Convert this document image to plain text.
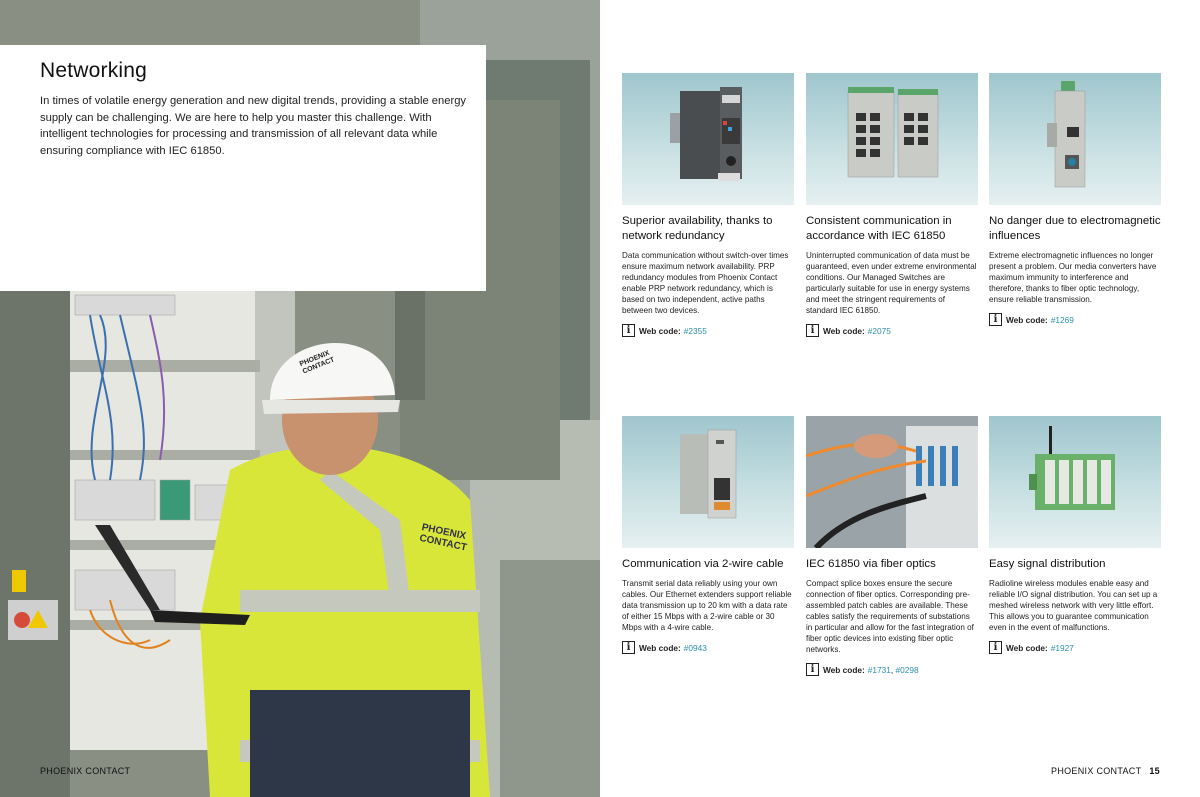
PHOENIX CONTACT
PHOENIX CONTACT
Networking

In times of volatile energy generation and new digital trends, providing a stable energy supply can be challenging. We are here to help you master this challenge. With intelligent technologies for processing and transmission of all relevant data while ensuring compliance with IEC 61850.

PHOENIX CONTACT
Superior availability, thanks to network redundancy

Data communication without switch-over times ensure maximum network availability. PRP redundancy modules from Phoenix Contact enable PRP network redundancy, which is based on two independent, active paths between two devices.

i	Web code: #2355
Consistent communication in accordance with IEC 61850

Uninterrupted communication of data must be guaranteed, even under extreme environmental conditions. Our Managed Switches are particularly suitable for use in energy systems and meet the stringent requirements of standard IEC 61850.

i	Web code: #2075
No danger due to electromagnetic influences

Extreme electromagnetic influences no longer present a problem. Our media converters have maximum immunity to interference and therefore, thanks to fiber optic technology, ensure reliable transmission.

i	Web code: #1269
Communication via 2-wire cable

Transmit serial data reliably using your own cables. Our Ethernet extenders support reliable data transmission up to 20 km with a data rate of either 15 Mbps with a 2-wire cable or 30 Mbps with a 4-wire cable.

i	Web code: #0943
IEC 61850 via fiber optics

Compact splice boxes ensure the secure connection of fiber optics. Corresponding pre-assembled patch cables are available. These cables satisfy the requirements of substations in particular and allow for the fast integration of fiber optic devices into existing fiber optic networks.

i	Web code: #1731 , #0298
Easy signal distribution

Radioline wireless modules enable easy and reliable I/O signal distribution. You can set up a meshed wireless network with very little effort. This allows you to guarantee communication even in the event of malfunctions.

i	Web code: #1927
PHOENIX CONTACT 15
